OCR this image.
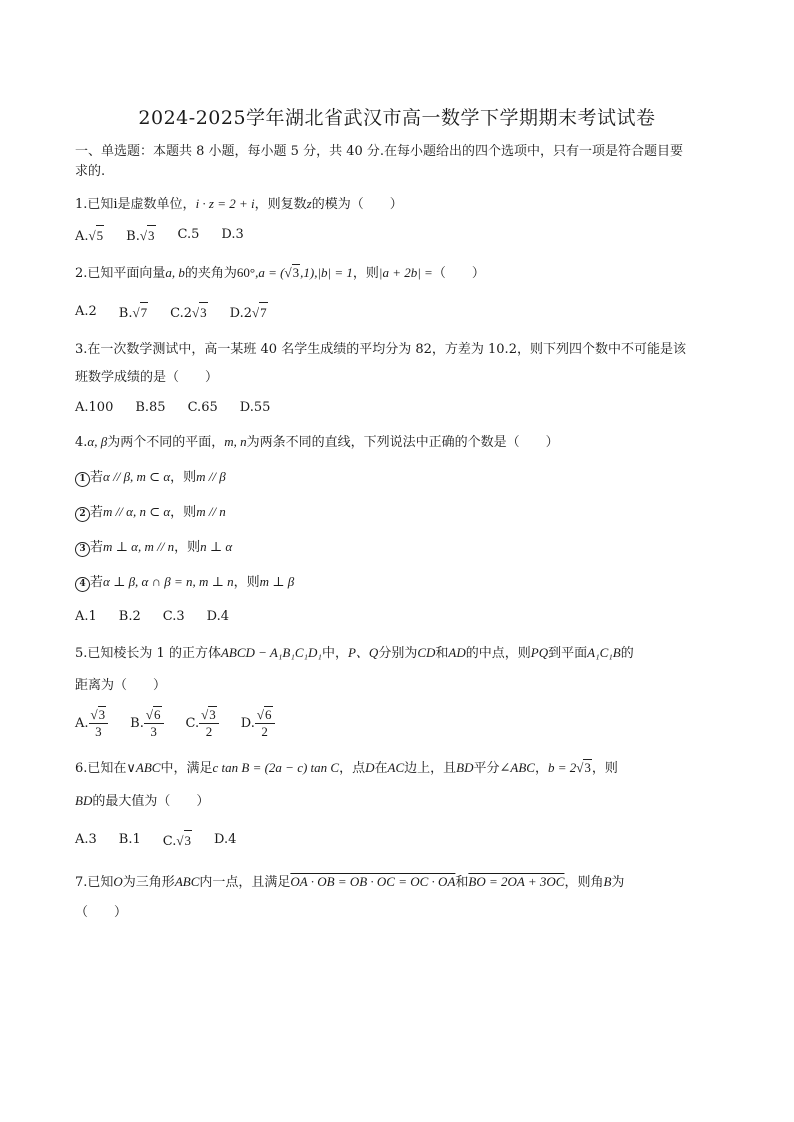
2024-2025学年湖北省武汉市高一数学下学期期末考试试卷

一、单选题：本题共 8 小题，每小题 5 分，共 40 分.在每小题给出的四个选项中，只有一项是符合题目要

求的.

1.已知i是虚数单位，i · z = 2 + i，则复数z的模为（　　）

A.√5 B.√3 C.5 D.3

2.已知平面向量a, b的夹角为60°,a = (√3,1),|b| = 1，则|a + 2b| =（　　）

A.2 B.√7 C.2√3 D.2√7

3.在一次数学测试中，高一某班 40 名学生成绩的平均分为 82，方差为 10.2，则下列四个数中不可能是该

班数学成绩的是（　　）

A.100 B.85 C.65 D.55

4.α, β为两个不同的平面，m, n为两条不同的直线，下列说法中正确的个数是（　　）

1 若α // β, m ⊂ α，则m // β

2 若m // α, n ⊂ α，则m // n

3 若m ⊥ α, m // n，则n ⊥ α

4 若α ⊥ β, α ∩ β = n, m ⊥ n，则m ⊥ β

A.1 B.2 C.3 D.4

5.已知棱长为 1 的正方体ABCD − A₁B₁C₁D₁中，P、Q分别为CD和AD的中点，则PQ到平面A₁C₁B的

距离为（　　）

A. $\frac{√3}{3} B$. $\frac{√6}{3} C$. $\frac{√3}{2} D$. $\frac{√6}{2}$

6.已知在∨ABC中，满足c tan B = (2a − c) tan C，点D在AC边上，且BD平分∠ABC，b = 2√3，则

BD的最大值为（　　）

A.3 B.1 C.√3 D.4

7.已知O为三角形ABC内一点，且满足OA · OB = OB · OC = OC · OA和BO = 2OA + 3OC，则角B为

（　　）
